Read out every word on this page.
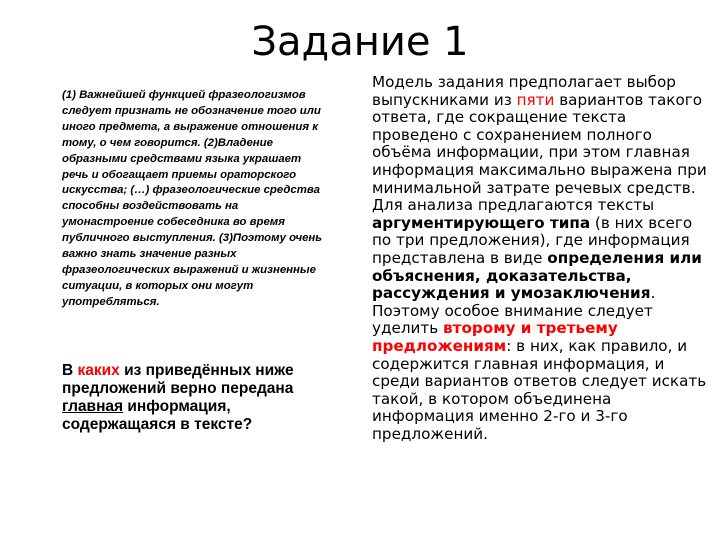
Задание 1

(1) Важнейшей функцией фразеологизмов следует признать не обозначение того или иного предмета, а выражение отношения к тому, о чем говорится. (2)Владение образными средствами языка украшает речь и обогащает приемы ораторского искусства; (…) фразеологические средства способны воздействовать на умонастроение собеседника во время публичного выступления. (3)Поэтому очень важно знать значение разных фразеологических выражений и жизненные ситуации, в которых они могут употребляться.

В каких из приведённых ниже предложений верно передана главная информация, содержащаяся в тексте?
Модель задания предполагает выбор выпускниками из пяти вариантов такого ответа, где сокращение текста проведено с сохранением полного объёма информации, при этом главная информация максимально выражена при минимальной затрате речевых средств. Для анализа предлагаются тексты аргументирующего типа (в них всего по три предложения), где информация представлена в виде определения или объяснения, доказательства, рассуждения и умозаключения. Поэтому особое внимание следует уделить второму и третьему предложениям: в них, как правило, и содержится главная информация, и среди вариантов ответов следует искать такой, в котором объединена информация именно 2-го и 3-го предложений.
